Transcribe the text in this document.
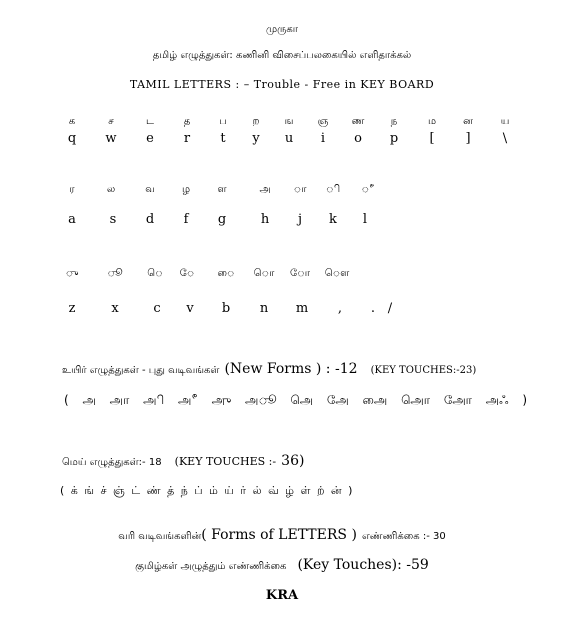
முருகா
தமிழ் எழுத்துகள்: கணினி விசைப்பலகையில் எளிதாக்கல்
TAMIL LETTERS : – Trouble - Free in KEY BOARD
க	ச	ட	த	ப	ற	ங ஞ ண	ந	ம	ன	ய
q w e r t y u i o p [ ] \
ர	ல	வ	ழ	ள	அ ா ி ீ
a	s d f g	h j k l
ு	ூ ெ ே ை ொ ோ ௌ
z	x	c v b n m , . /
உயிர் எழுத்துகள் - புது வடிவங்கள் (New Forms ) : -12 (KEY TOUCHES:-23)
( அ அா அி அீ அு அூ அெ அே அை அொ அோ அஃ )
மெய் எழுத்துகள்:- 18 (KEY TOUCHES :- 36)
( க் ங் ச் ஞ் ட் ண் த் ந் ப் ம் ய் ர் ல் வ் ழ் ள் ற் ன் )
வரி வடிவங்களின்( Forms of LETTERS ) எண்ணிக்கை :- 30
குமிழ்கள் அழுத்தும் எண்ணிக்கை (Key Touches): -59
KRA
